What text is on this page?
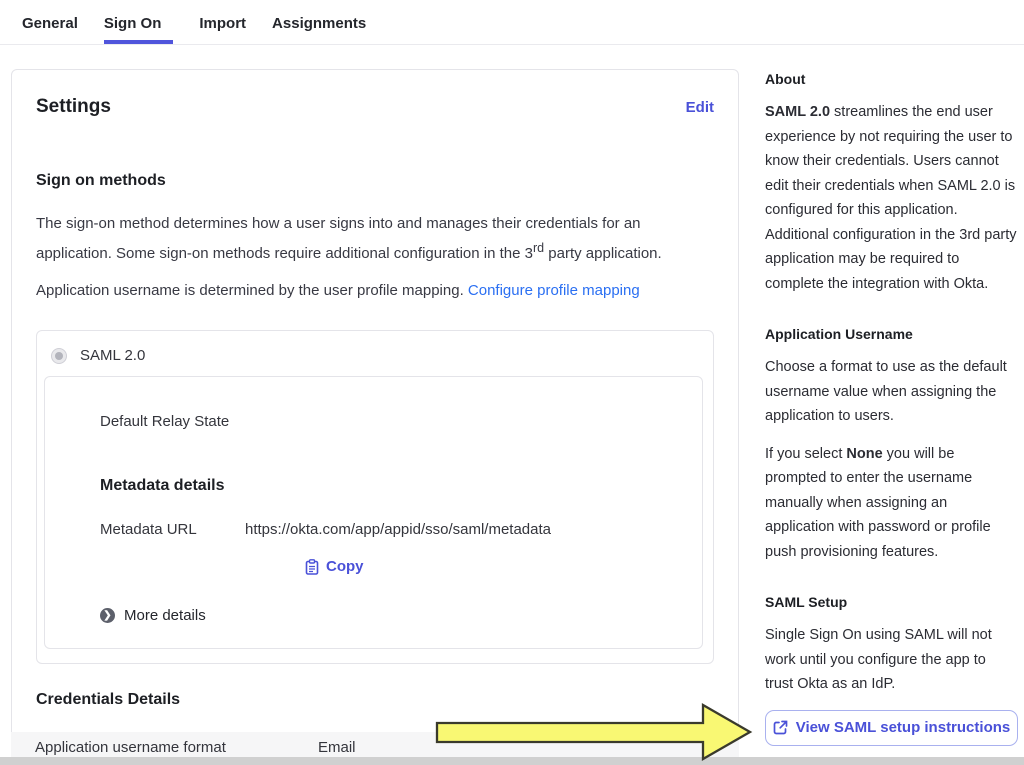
General Sign On	Import Assignments
Settings	Edit
Sign on methods

The sign-on method determines how a user signs into and manages their credentials for an
application. Some sign-on methods require additional configuration in the 3rd party application.

Application username is determined by the user profile mapping. Configure profile mapping

SAML 2.0
Default Relay State
Metadata details
Metadata URL	https://okta.com/app/appid/sso/saml/metadata
Copy
❯ More details
Credentials Details
Application username format	Email
About

SAML 2.0 streamlines the end user experience by not requiring the user to know their credentials. Users cannot edit their credentials when SAML 2.0 is configured for this application. Additional configuration in the 3rd party application may be required to complete the integration with Okta.

Application Username

Choose a format to use as the default username value when assigning the application to users.

If you select None you will be prompted to enter the username manually when assigning an application with password or profile push provisioning features.

SAML Setup

Single Sign On using SAML will not work until you configure the app to trust Okta as an IdP.

View SAML setup instructions
